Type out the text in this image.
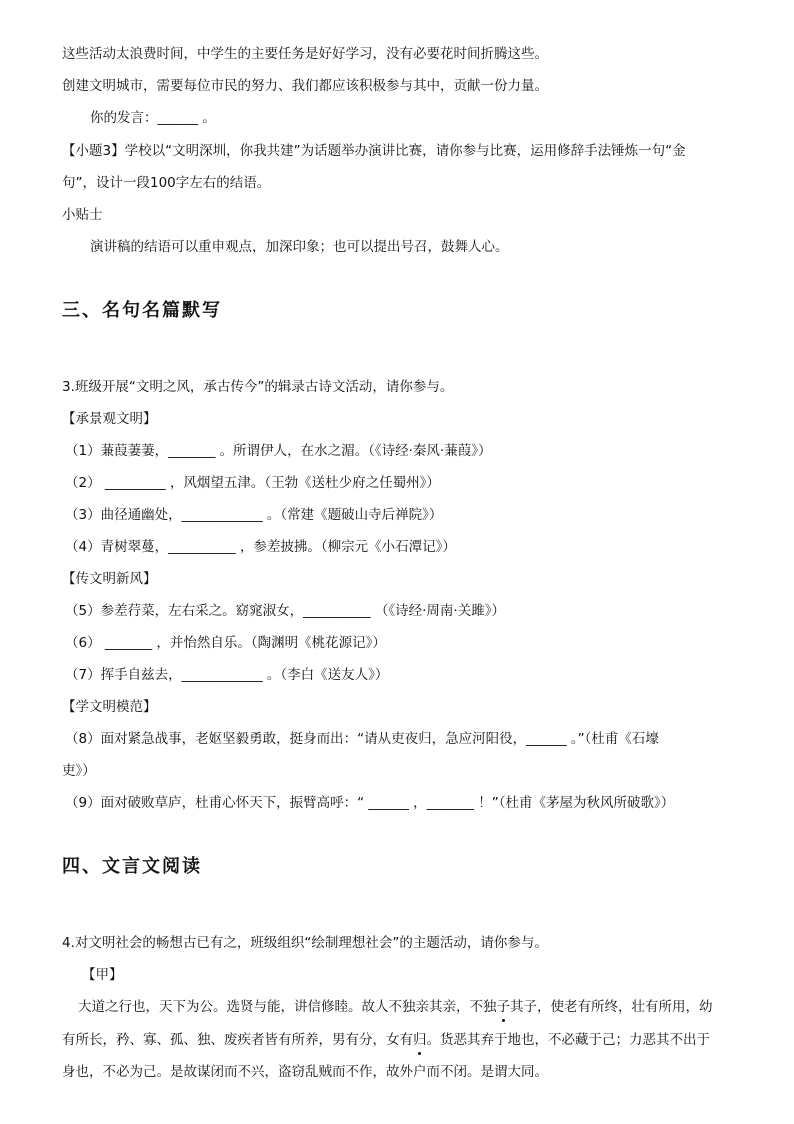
这些活动太浪费时间，中学生的主要任务是好好学习，没有必要花时间折腾这些。
创建文明城市，需要每位市民的努力、我们都应该积极参与其中，贡献一份力量。
你的发言：______ 。
【小题3】学校以“文明深圳，你我共建”为话题举办演讲比赛，请你参与比赛，运用修辞手法锤炼一句“金
句”，设计一段100字左右的结语。
小贴士
演讲稿的结语可以重申观点，加深印象；也可以提出号召，鼓舞人心。
三、名句名篇默写
3.班级开展“文明之风，承古传今”的辑录古诗文活动，请你参与。
【承景观文明】
（1）蒹葭萋萋，_______ 。所谓伊人，在水之湄。（《诗经·秦风·蒹葭》）
（2） _________ ，风烟望五津。（王勃《送杜少府之任蜀州》）
（3）曲径通幽处，____________ 。（常建《题破山寺后禅院》）
（4）青树翠蔓，__________ ，参差披拂。（柳宗元《小石潭记》）
【传文明新风】
（5）参差荇菜，左右采之。窈窕淑女，__________ （《诗经·周南·关雎》）
（6） _______ ，并怡然自乐。（陶渊明《桃花源记》）
（7）挥手自兹去，____________ 。（李白《送友人》）
【学文明模范】
（8）面对紧急战事，老妪坚毅勇敢，挺身而出：“请从吏夜归，急应河阳役，______ 。”（杜甫《石壕
吏》）
（9）面对破败草庐，杜甫心怀天下，振臂高呼：“ ______ ，_______ ！”（杜甫《茅屋为秋风所破歌》）
四、文言文阅读
4.对文明社会的畅想古已有之，班级组织“绘制理想社会”的主题活动，请你参与。
【甲】
大道之行也，天下为公。选贤与能，讲信修睦。故人不独亲其亲，不独子其子，使老有所终，壮有所用，幼
有所长，矜、寡、孤、独、废疾者皆有所养，男有分，女有归。货恶其弃于地也，不必藏于己；力恶其不出于
身也，不必为己。是故谋闭而不兴，盗窃乱贼而不作，故外户而不闭。是谓大同。
